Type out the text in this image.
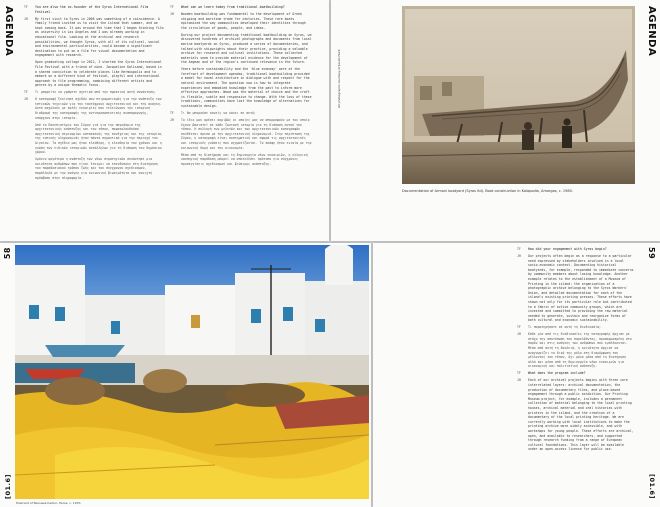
AGENDA	TF	You are also the co-founder of the Syros International Film Festival.
JH	My first visit to Syros in 2006 was something of a coincidence. A family friend invited us to visit the island that summer, and we kept coming back. It was around the time that I began thinking film as university in Los Angeles and I was already working in educational film. Looking at the archival and research possibilities, we thought Syros, with all of its cultural, social and environmental particularities, could become a significant destination to put on a film for visual documentation and engagement with research.
Upon graduating college in 2012, I started the Syros International Film Festival with a friend of mine. Jacqueline Kalisand, based in a shared conviction to celebrate places like Hermoupolis and to embark on a different kind of festival, playful and international approach to film programming, combining different artists and genres by a unique thematic focus.
TF	Τι μπορείτε να γράψετε σχετικά από την πρακτική αυτή συνάντηση;
JH	Η καταγραφή ξεκίνησε σχεδόν σαν πειραματισμός για την ανάπτυξη των εστιακών τεχνικών για την ταυτόχρονη αρχιτεκτονική και την ανάγκη. Αυτά ασχολούν με καλές ευκαιρίες που τελειώνουν την ιστορική διαδρομή της καταγραφής της αντιπροσωπευτικής αναπαραγωγής, υπάρχουν στην ιστορία.
Από το Πανεπιστήμιο του Σύρου γιά για την παγκόσμια της αρχιτεκτονικής ανάπτυξης και του τόπου, παρακολουθούσα αρχιτεκτονική σεμιναρίων κατασκευής της συνέχειας και της ιστορίας της τοπικής κληρονομιάς ήταν πάντα σημαντικά για την περιοχή του Αιγαίου. Τα σχέδια μας ήταν ελεύθερη, η ελευθερία του χρόνου και η γνώση των ειδικών ιστορικών κατάλληλων για τη διάσωση του δημόσιου χώρου.
Χρόνια αργότερα η ανάπτυξη των νέων στρατηγικών συνάντησε μια κοινότητα ανθρώπων που είναι έτοιμοι να επενδύσουν στη διατήρηση του παραδοσιακού τρόπου ζωής και του σύγχρονου σχεδιασμού, παράλληλα με την ανάγκη για κοινωνική βιωσιμότητα και ανοιχτή πρόσβαση στην πληροφορία.
TF	What can we learn today from traditional boatbuilding?
JH	Wooden boatbuilding was fundamental to the development of Greek shipping and maritime trade for centuries. These rare boats epitomized the way communities developed their identities through the circulation of goods, people, and ideas.
During our project documenting traditional boatbuilding on Syros, we discovered hundreds of archival photographs and documents from local marine boatyards on Syros, produced a series of documentaries, and talked with shipwrights about their practice, providing a valuable archive for research and cultural institutions. These collected materials seem to provide material evidence for the development of the Aegean and of the region's continued relevance in the future.
Years before sustainability and the 'blue economy' were at the forefront of development agendas, traditional boatbuilding provided a model for naval architecture in dialogue with and respect for the natural environment. The question now is how to integrate experiences and embodied knowledge from the past to inform more effective approaches. Wood was the material of choice and the craft is flexible, subtle and responsive to change. With the loss of these traditions, communities have lost the knowledge of alternatives for sustainable design.
TF	Τι θα μπορούσε κανείς να κάνει σε αυτό;
JH	Το ίδιο μου αρέσει ακριβώς οι οποίες μας να απορροφούν με τον οποίο έχουν βασιστεί σε κάθε ζωντανή ιστορία για τη διάσωση αυτού του τόπου. Η συλλογή των μελετών και των αρχιτεκτονικών καταγραφών συνδέεται άμεσα με την αρχιτεκτονική κληρονομιά. Στην περίπτωση της Σύρου, η καταγραφή είναι συστηματική και αφορά τις αρχιτεκτονικές και ιστορικές γνώσεις που σχηματίζονται. Τα σκάφη ήταν ενιαία με την κοινωνική δομή και την οικονομία.
Μέσα από τη διατήρηση και τη δημιουργία νέων ευκαιριών, η ελληνική ναυπηγική παράδοση μπορεί να αποτελέσει πρότυπο για σύγχρονες προσεγγίσεις σχεδιασμού και βιώσιμης ανάπτυξης.
All photographs courtesy of Jacob Hunt
Documentation of Armoni boatyard (Syros ltd). Boat construction in Kalapodia, Amorgos, c. 1980.
AGENDA
58
[01.6]
Postcard of Naoussa harbor, Paros, c. 1970.
TF	How did your engagement with Syros begin?
JH	Our projects often begin as a response to a particular need expressed by stakeholders involved in a local socio-economic context. Documenting historical boatyards, for example, responded to immediate concerns by community members about losing knowledge. Another example relates to the establishment of a Museum of Printing in the island: the organization of a photographic archive belonging to the Syros Workers' Union, and detailed documentation for each of the island's existing printing presses. These efforts have shown not only for its particular role but contributed to a fabric of active community groups, which are invested and committed to providing the raw material needed to generate, sustain and reorganize forms of both cultural and economic sustainability.
TF	Τι παρατηρήσατε σε αυτή τη διαδικασία;
JH	Κάθε μία από τις διαδικασίες της καταγραφής άρχισε με στόχο την αποτύπωση του παρελθόντος, προσαρμοσμένη στο παρόν και στις ανάγκες των ανθρώπων που εμπλέκονται. Μέσα από αυτή τη δουλειά, η κοινότητα άρχισε να αναγνωρίζει το δικό της ρόλο στη διαμόρφωση του μέλλοντος του τόπου, όχι μόνο μέσα από τη διατήρηση αλλά και μέσα από τη δημιουργία νέων ευκαιριών για οικονομική και πολιτιστική ανάπτυξη.
TF	What does the program include?
JH	Each of our archival projects begins with three core interrelated layers: archival documentation, the production of documentary films, and place-based engagement through a public exhibition. Our Printing Museum project, for example, includes a permanent collection of material belonging to the local printing houses, archival material and oral histories with printers in the island, and the creation of a documentary of the local printing heritage. We are currently working with local institutions to make the printing archive more widely accessible, and with workshops for young people. These efforts are archival, open, and available to researchers, and supported through research funding from a range of European cultural foundations. This layer will be available under an open-access license for public use.
59
[01.6]
